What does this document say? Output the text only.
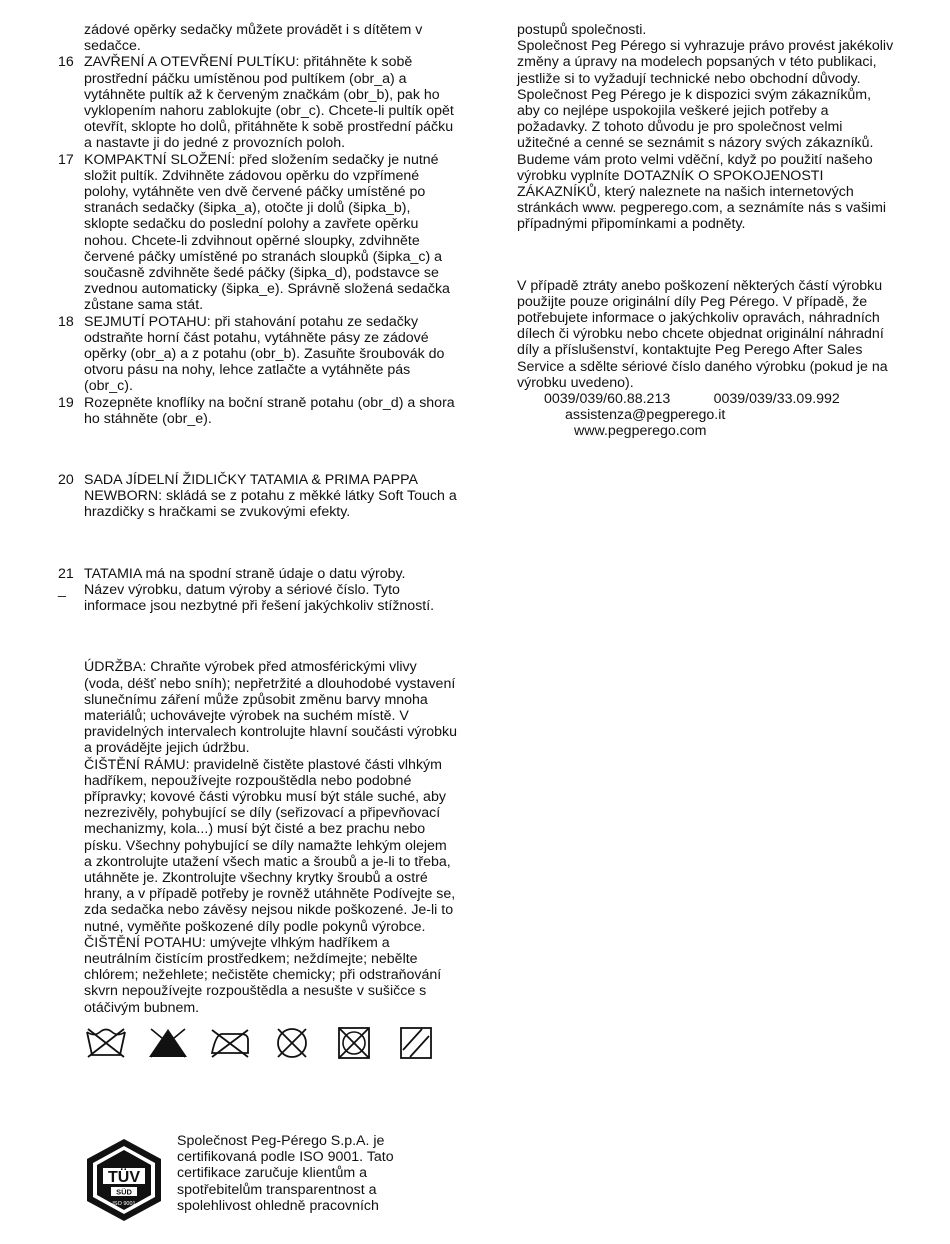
zádové opěrky sedačky můžete provádět i s dítětem v sedačce.

16 ZAVŘENÍ A OTEVŘENÍ PULTÍKU: přitáhněte k sobě prostřední páčku umístěnou pod pultíkem (obr_a) a vytáhněte pultík až k červeným značkám (obr_b), pak ho vyklopením nahoru zablokujte (obr_c). Chcete-li pultík opět otevřít, sklopte ho dolů, přitáhněte k sobě prostřední páčku a nastavte ji do jedné z provozních poloh.
17 KOMPAKTNÍ SLOŽENÍ: před složením sedačky je nutné složit pultík. Zdvihněte zádovou opěrku do vzpřímené polohy, vytáhněte ven dvě červené páčky umístěné po stranách sedačky (šipka_a), otočte ji dolů (šipka_b), sklopte sedačku do poslední polohy a zavřete opěrku nohou. Chcete-li zdvihnout opěrné sloupky, zdvihněte červené páčky umístěné po stranách sloupků (šipka_c) a současně zdvihněte šedé páčky (šipka_d), podstavce se zvednou automaticky (šipka_e). Správně složená sedačka zůstane sama stát.
18 SEJMUTÍ POTAHU: při stahování potahu ze sedačky odstraňte horní část potahu, vytáhněte pásy ze zádové opěrky (obr_a) a z potahu (obr_b). Zasuňte šroubovák do otvoru pásu na nohy, lehce zatlačte a vytáhněte pás (obr_c).
19 Rozepněte knoflíky na boční straně potahu (obr_d) a shora ho stáhněte (obr_e).
20 SADA JÍDELNÍ ŽIDLIČKY TATAMIA & PRIMA PAPPA NEWBORN: skládá se z potahu z měkké látky Soft Touch a hrazdičky s hračkami se zvukovými efekty.
21 TATAMIA má na spodní straně údaje o datu výroby.
_	Název výrobku, datum výroby a sériové číslo. Tyto informace jsou nezbytné při řešení jakýchkoliv stížností.

ÚDRŽBA: Chraňte výrobek před atmosférickými vlivy (voda, déšť nebo sníh); nepřetržité a dlouhodobé vystavení slunečnímu záření může způsobit změnu barvy mnoha materiálů; uchovávejte výrobek na suchém místě. V pravidelných intervalech kontrolujte hlavní součásti výrobku a provádějte jejich údržbu.

ČIŠTĚNÍ RÁMU: pravidelně čistěte plastové části vlhkým hadříkem, nepoužívejte rozpouštědla nebo podobné přípravky; kovové části výrobku musí být stále suché, aby nezrezivěly, pohybující se díly (seřizovací a připevňovací mechanizmy, kola...) musí být čisté a bez prachu nebo písku. Všechny pohybující se díly namažte lehkým olejem a zkontrolujte utažení všech matic a šroubů a je-li to třeba, utáhněte je. Zkontrolujte všechny krytky šroubů a ostré hrany, a v případě potřeby je rovněž utáhněte Podívejte se, zda sedačka nebo závěsy nejsou nikde poškozené. Je-li to nutné, vyměňte poškozené díly podle pokynů výrobce.

ČIŠTĚNÍ POTAHU: umývejte vlhkým hadříkem a neutrálním čistícím prostředkem; neždímejte; nebělte chlórem; nežehlete; nečistěte chemicky; při odstraňování skvrn nepoužívejte rozpouštědla a nesušte v sušičce s otáčivým bubnem.

postupů společnosti.

Společnost Peg Pérego si vyhrazuje právo provést jakékoliv změny a úpravy na modelech popsaných v této publikaci, jestliže si to vyžadují technické nebo obchodní důvody.

Společnost Peg Pérego je k dispozici svým zákazníkům, aby co nejlépe uspokojila veškeré jejich potřeby a požadavky. Z tohoto důvodu je pro společnost velmi užitečné a cenné se seznámit s názory svých zákazníků. Budeme vám proto velmi vděční, když po použití našeho výrobku vyplníte DOTAZNÍK O SPOKOJENOSTI ZÁKAZNÍKŮ, který naleznete na našich internetových stránkách www. pegperego.com, a seznámíte nás s vašimi případnými připomínkami a podněty.

V případě ztráty anebo poškození některých částí výrobku použijte pouze originální díly Peg Pérego. V případě, že potřebujete informace o jakýchkoliv opravách, náhradních dílech či výrobku nebo chcete objednat originální náhradní díly a příslušenství, kontaktujte Peg Perego After Sales Service a sdělte sériové číslo daného výrobku (pokud je na výrobku uvedeno).

0039/039/60.88.213	0039/039/33.09.992

assistenza@pegperego.it

www.pegperego.com

TÜV
SÜD
ISO 9001

Společnost Peg-Pérego S.p.A. je certifikovaná podle ISO 9001. Tato certifikace zaručuje klientům a spotřebitelům transparentnost a spolehlivost ohledně pracovních
